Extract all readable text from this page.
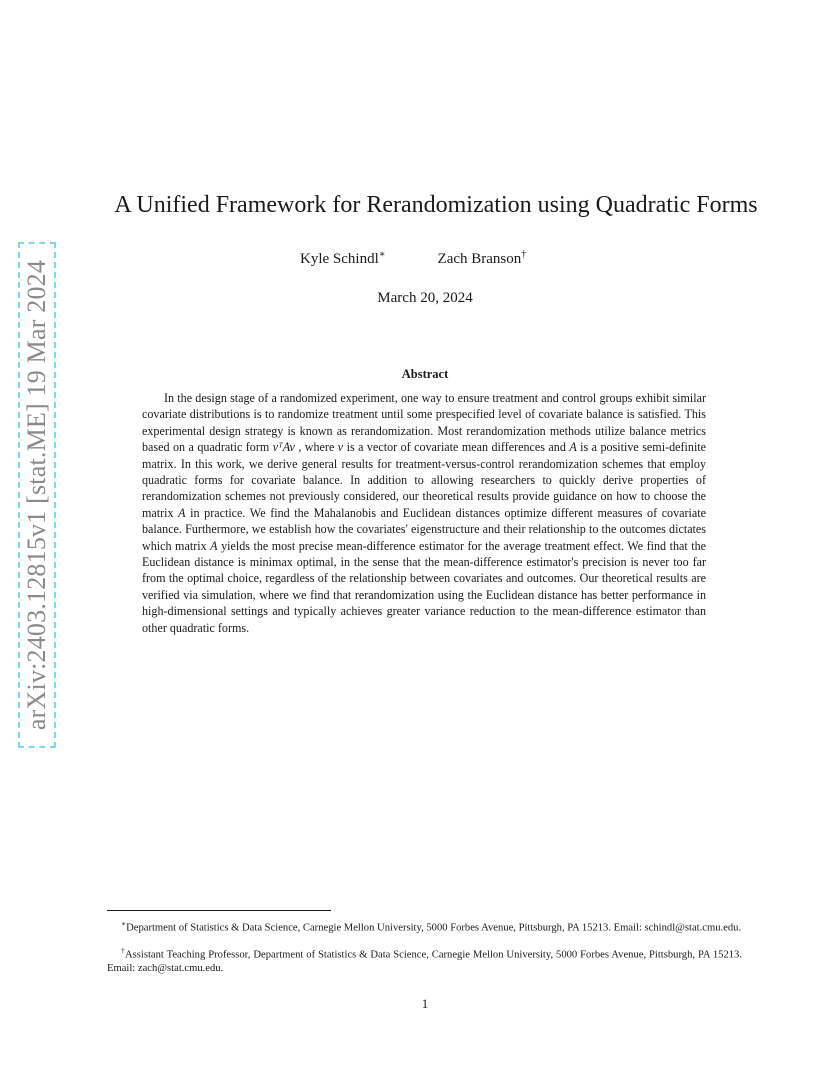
arXiv:2403.12815v1 [stat.ME] 19 Mar 2024
A Unified Framework for Rerandomization using Quadratic Forms
Kyle Schindl∗	Zach Branson†
March 20, 2024
Abstract

In the design stage of a randomized experiment, one way to ensure treatment and control groups exhibit similar covariate distributions is to randomize treatment until some prespecified level of covariate balance is satisfied. This experimental design strategy is known as rerandomization. Most rerandomization methods utilize balance metrics based on a quadratic form vᵀAv , where v is a vector of covariate mean differences and A is a positive semi-definite matrix. In this work, we derive general results for treatment-versus-control rerandomization schemes that employ quadratic forms for covariate balance. In addition to allowing researchers to quickly derive properties of rerandomization schemes not previously considered, our theoretical results provide guidance on how to choose the matrix A in practice. We find the Mahalanobis and Euclidean distances optimize different measures of covariate balance. Furthermore, we establish how the covariates' eigenstructure and their relationship to the outcomes dictates which matrix A yields the most precise mean-difference estimator for the average treatment effect. We find that the Euclidean distance is minimax optimal, in the sense that the mean-difference estimator's precision is never too far from the optimal choice, regardless of the relationship between covariates and outcomes. Our theoretical results are verified via simulation, where we find that rerandomization using the Euclidean distance has better performance in high-dimensional settings and typically achieves greater variance reduction to the mean-difference estimator than other quadratic forms.

∗Department of Statistics & Data Science, Carnegie Mellon University, 5000 Forbes Avenue, Pittsburgh, PA 15213. Email: schindl@stat.cmu.edu.

†Assistant Teaching Professor, Department of Statistics & Data Science, Carnegie Mellon University, 5000 Forbes Avenue, Pittsburgh, PA 15213. Email: zach@stat.cmu.edu.

1
